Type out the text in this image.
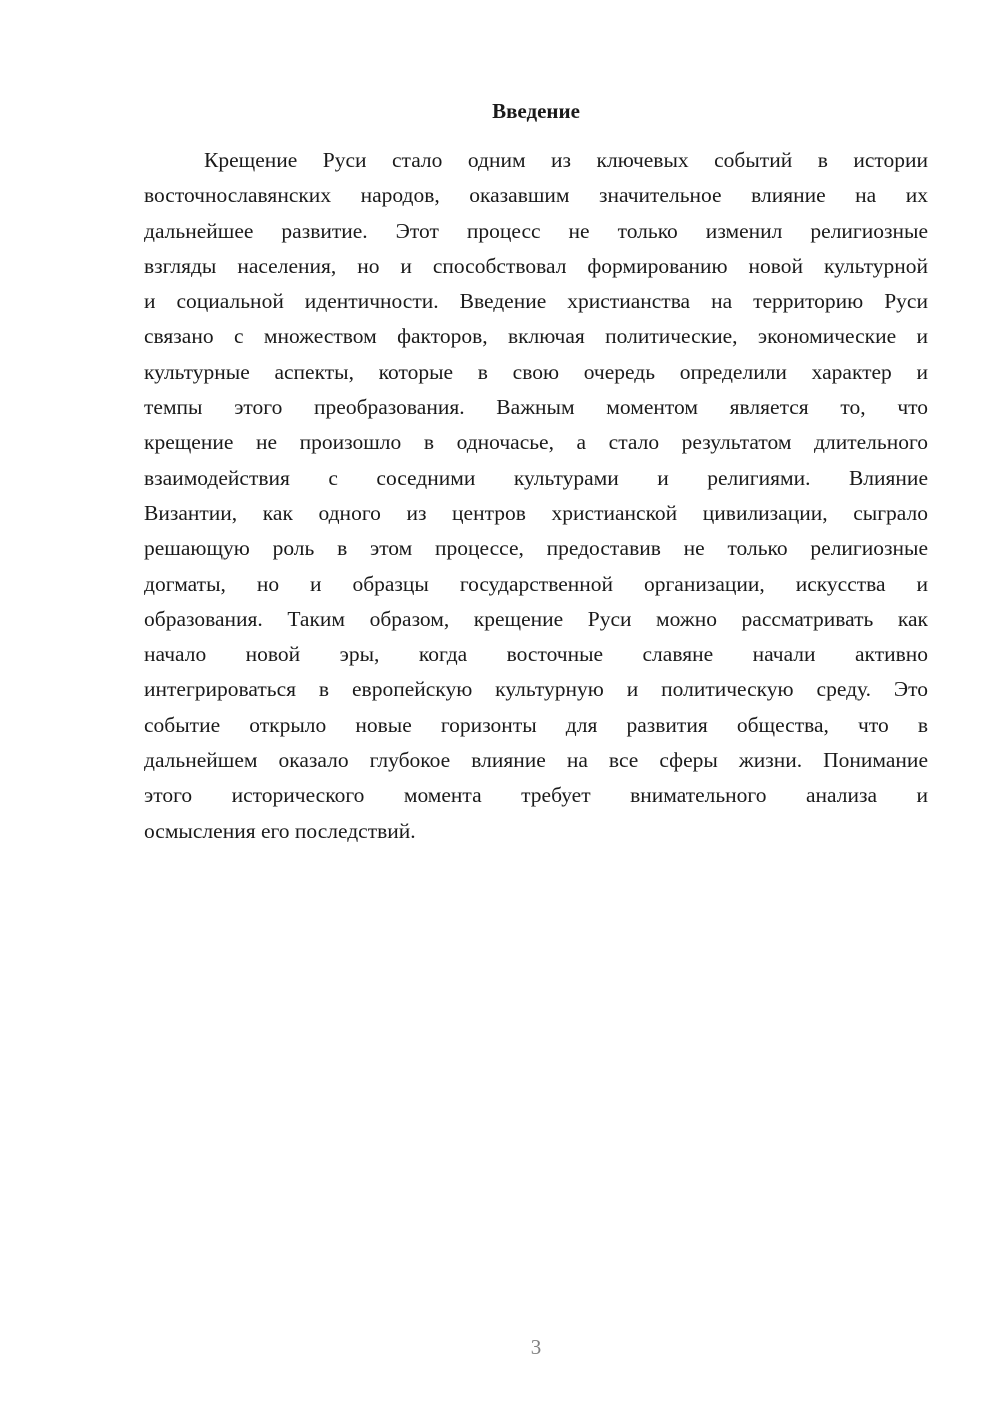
Введение
Крещение Руси стало одним из ключевых событий в истории
восточнославянских народов, оказавшим значительное влияние на их
дальнейшее развитие. Этот процесс не только изменил религиозные
взгляды населения, но и способствовал формированию новой культурной
и социальной идентичности. Введение христианства на территорию Руси
связано с множеством факторов, включая политические, экономические и
культурные аспекты, которые в свою очередь определили характер и
темпы этого преобразования. Важным моментом является то, что
крещение не произошло в одночасье, а стало результатом длительного
взаимодействия с соседними культурами и религиями. Влияние
Византии, как одного из центров христианской цивилизации, сыграло
решающую роль в этом процессе, предоставив не только религиозные
догматы, но и образцы государственной организации, искусства и
образования. Таким образом, крещение Руси можно рассматривать как
начало новой эры, когда восточные славяне начали активно
интегрироваться в европейскую культурную и политическую среду. Это
событие открыло новые горизонты для развития общества, что в
дальнейшем оказало глубокое влияние на все сферы жизни. Понимание
этого исторического момента требует внимательного анализа и
осмысления его последствий.
3
